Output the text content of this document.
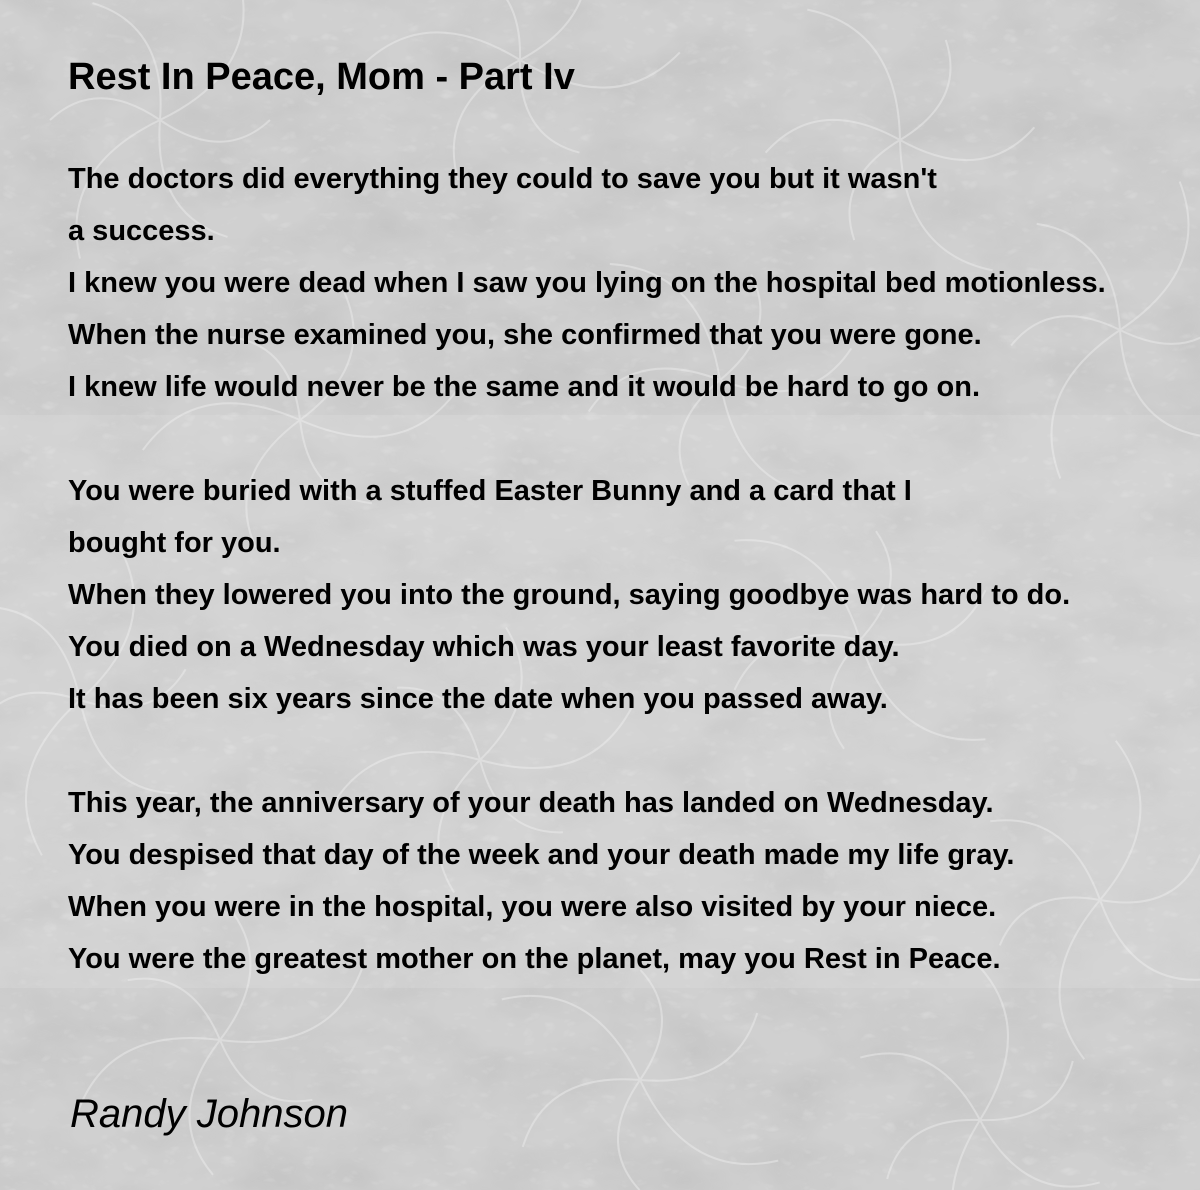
Rest In Peace, Mom - Part Iv
The doctors did everything they could to save you but it wasn't
a success.
I knew you were dead when I saw you lying on the hospital bed motionless.
When the nurse examined you, she confirmed that you were gone.
I knew life would never be the same and it would be hard to go on.
You were buried with a stuffed Easter Bunny and a card that I
bought for you.
When they lowered you into the ground, saying goodbye was hard to do.
You died on a Wednesday which was your least favorite day.
It has been six years since the date when you passed away.
This year, the anniversary of your death has landed on Wednesday.
You despised that day of the week and your death made my life gray.
When you were in the hospital, you were also visited by your niece.
You were the greatest mother on the planet, may you Rest in Peace.

Randy Johnson
